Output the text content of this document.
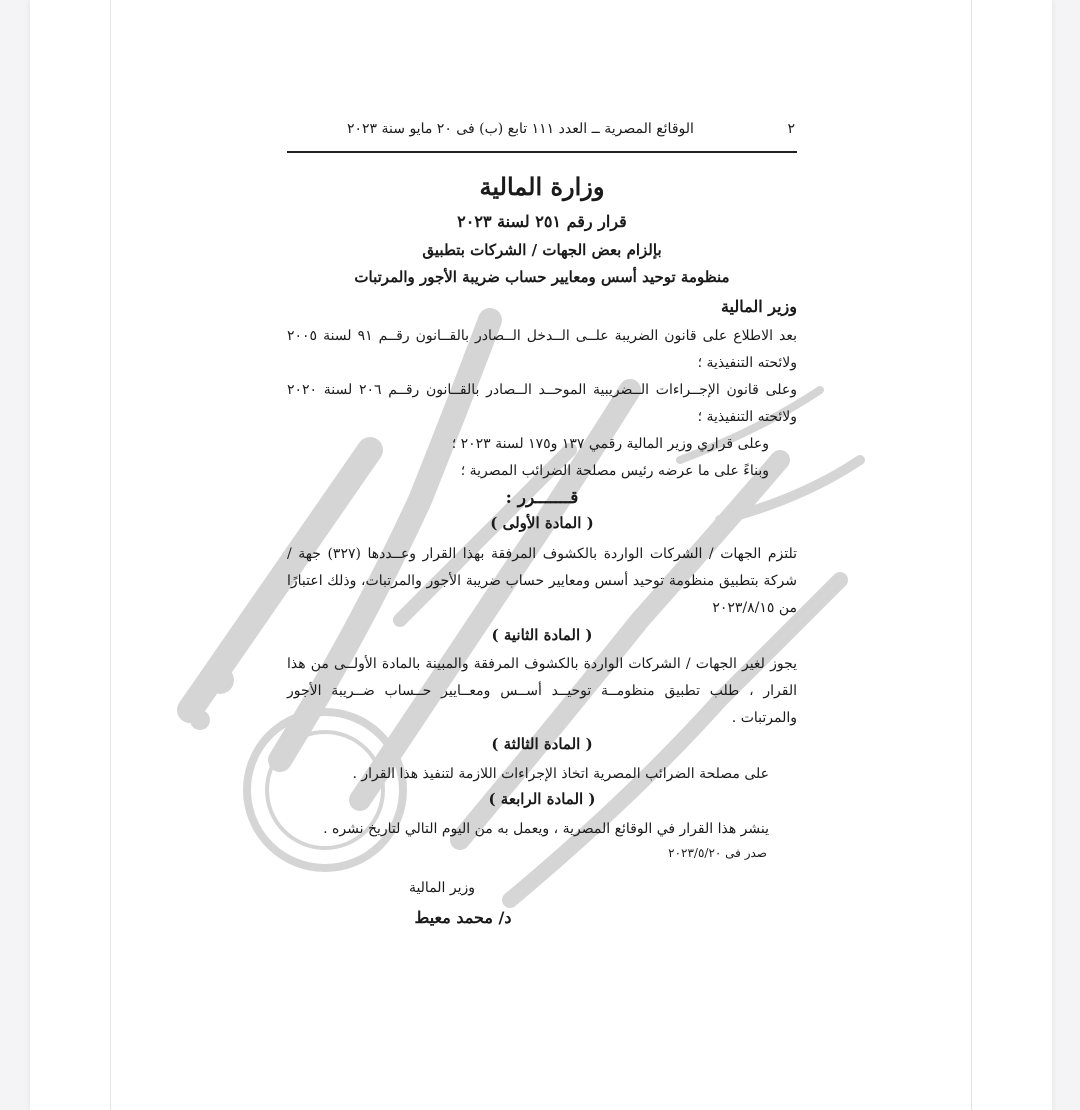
٢
الوقائع المصرية ــ العدد ١١١ تابع (ب) فى ٢٠ مايو سنة ٢٠٢٣
وزارة المالية
قرار رقم ٢٥١ لسنة ٢٠٢٣
بإلزام بعض الجهات / الشركات بتطبيق
منظومة توحيد أسس ومعايير حساب ضريبة الأجور والمرتبات
وزير المالية
بعد الاطلاع على قانون الضريبة علــى الــدخل الــصادر بالقــانون رقــم ٩١ لسنة ٢٠٠٥ ولائحته التنفيذية ؛
وعلى قانون الإجــراءات الــضريبية الموحــد الــصادر بالقــانون رقــم ٢٠٦ لسنة ٢٠٢٠ ولائحته التنفيذية ؛
وعلى قراري وزير المالية رقمي ١٣٧ و١٧٥ لسنة ٢٠٢٣ ؛
وبناءً على ما عرضه رئيس مصلحة الضرائب المصرية ؛
قـــــــرر :
( المادة الأولى )
تلتزم الجهات / الشركات الواردة بالكشوف المرفقة بهذا القرار وعــددها (٣٢٧) جهة / شركة بتطبيق منظومة توحيد أسس ومعايير حساب ضريبة الأجور والمرتبات، وذلك اعتبارًا من ٢٠٢٣/٨/١٥
( المادة الثانية )
يجوز لغير الجهات / الشركات الواردة بالكشوف المرفقة والمبينة بالمادة الأولــى من هذا القرار ، طلب تطبيق منظومــة توحيــد أســس ومعــايير حــساب ضــريبة الأجور والمرتبات .
( المادة الثالثة )
على مصلحة الضرائب المصرية اتخاذ الإجراءات اللازمة لتنفيذ هذا القرار .
( المادة الرابعة )
ينشر هذا القرار في الوقائع المصرية ، ويعمل به من اليوم التالي لتاريخ نشره .
صدر فى ٢٠٢٣/٥/٢٠
وزير المالية
د/ محمد معيط
